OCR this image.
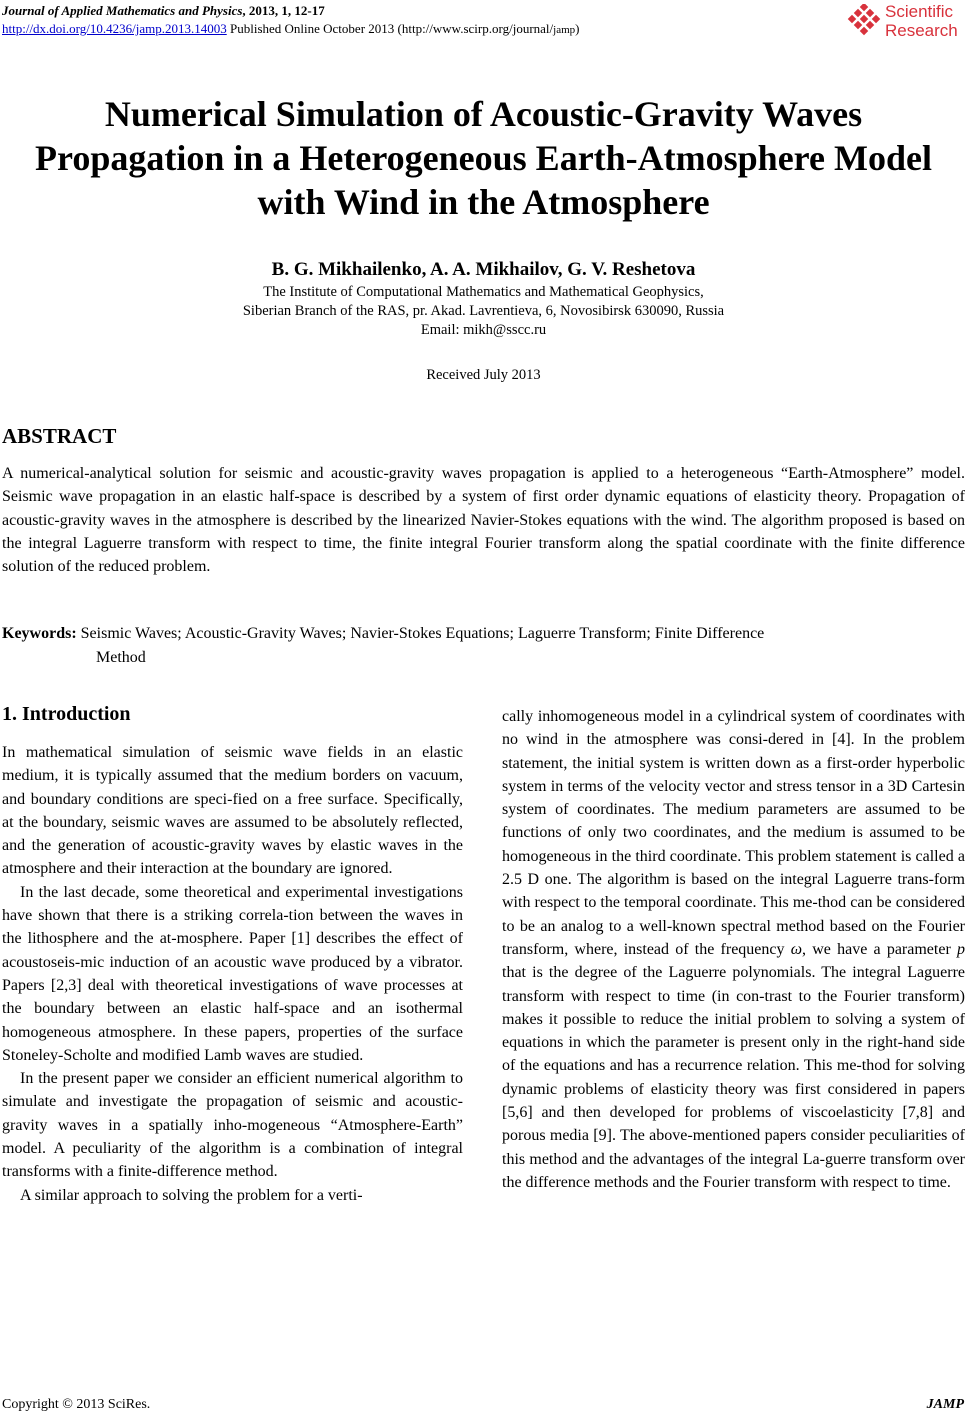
Journal of Applied Mathematics and Physics, 2013, 1, 12-17
http://dx.doi.org/10.4236/jamp.2013.14003 Published Online October 2013 (http://www.scirp.org/journal/jamp)
Scientific
Research
Numerical Simulation of Acoustic-Gravity Waves Propagation in a Heterogeneous Earth-Atmosphere Model with Wind in the Atmosphere
B. G. Mikhailenko, A. A. Mikhailov, G. V. Reshetova
The Institute of Computational Mathematics and Mathematical Geophysics,
Siberian Branch of the RAS, pr. Akad. Lavrentieva, 6, Novosibirsk 630090, Russia
Email: mikh@sscc.ru
Received July 2013
ABSTRACT
A numerical-analytical solution for seismic and acoustic-gravity waves propagation is applied to a heterogeneous “Earth-Atmosphere” model. Seismic wave propagation in an elastic half-space is described by a system of first order dynamic equations of elasticity theory. Propagation of acoustic-gravity waves in the atmosphere is described by the linearized Navier-Stokes equations with the wind. The algorithm proposed is based on the integral Laguerre transform with respect to time, the finite integral Fourier transform along the spatial coordinate with the finite difference solution of the reduced problem.
Keywords: Seismic Waves; Acoustic-Gravity Waves; Navier-Stokes Equations; Laguerre Transform; Finite Difference
Method
1. Introduction

In mathematical simulation of seismic wave fields in an elastic medium, it is typically assumed that the medium borders on vacuum, and boundary conditions are speci-fied on a free surface. Specifically, at the boundary, seismic waves are assumed to be absolutely reflected, and the generation of acoustic-gravity waves by elastic waves in the atmosphere and their interaction at the boundary are ignored.

In the last decade, some theoretical and experimental investigations have shown that there is a striking correla-tion between the waves in the lithosphere and the at-mosphere. Paper [1] describes the effect of acoustoseis-mic induction of an acoustic wave produced by a vibrator. Papers [2,3] deal with theoretical investigations of wave processes at the boundary between an elastic half-space and an isothermal homogeneous atmosphere. In these papers, properties of the surface Stoneley-Scholte and modified Lamb waves are studied.

In the present paper we consider an efficient numerical algorithm to simulate and investigate the propagation of seismic and acoustic-gravity waves in a spatially inho-mogeneous “Atmosphere-Earth” model. A peculiarity of the algorithm is a combination of integral transforms with a finite-difference method.

A similar approach to solving the problem for a verti-

cally inhomogeneous model in a cylindrical system of coordinates with no wind in the atmosphere was consi-dered in [4]. In the problem statement, the initial system is written down as a first-order hyperbolic system in terms of the velocity vector and stress tensor in a 3D Cartesin system of coordinates. The medium parameters are assumed to be functions of only two coordinates, and the medium is assumed to be homogeneous in the third coordinate. This problem statement is called a 2.5 D one. The algorithm is based on the integral Laguerre trans-form with respect to the temporal coordinate. This me-thod can be considered to be an analog to a well-known spectral method based on the Fourier transform, where, instead of the frequency ω, we have a parameter p that is the degree of the Laguerre polynomials. The integral Laguerre transform with respect to time (in con-trast to the Fourier transform) makes it possible to reduce the initial problem to solving a system of equations in which the parameter is present only in the right-hand side of the equations and has a recurrence relation. This me-thod for solving dynamic problems of elasticity theory was first considered in papers [5,6] and then developed for problems of viscoelasticity [7,8] and porous media [9]. The above-mentioned papers consider peculiarities of this method and the advantages of the integral La-guerre transform over the difference methods and the Fourier transform with respect to time.

Copyright © 2013 SciRes.	JAMP
